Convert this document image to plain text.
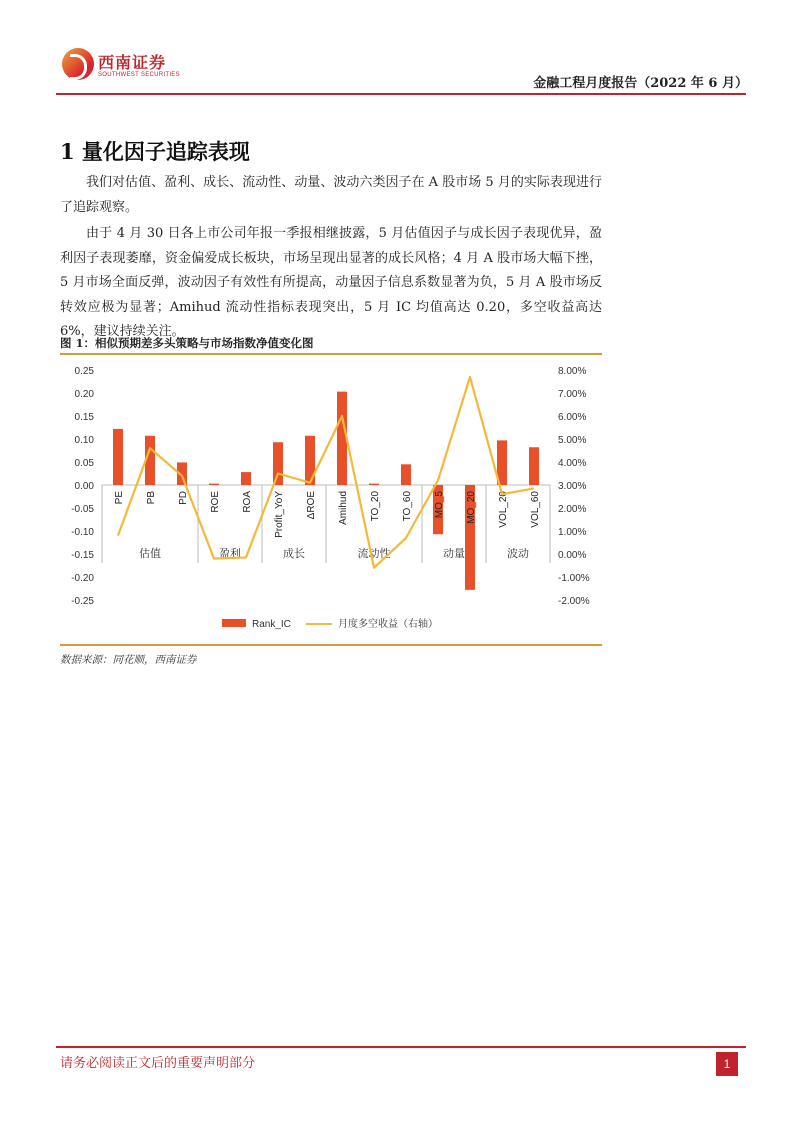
西南证券
SOUTHWEST SECURITIES
金融工程月度报告（2022 年 6 月）
1 量化因子追踪表现
我们对估值、盈利、成长、流动性、动量、波动六类因子在 A 股市场 5 月的实际表现进行了追踪观察。
由于 4 月 30 日各上市公司年报一季报相继披露，5 月估值因子与成长因子表现优异，盈利因子表现萎靡，资金偏爱成长板块，市场呈现出显著的成长风格；4 月 A 股市场大幅下挫，5 月市场全面反弹，波动因子有效性有所提高，动量因子信息系数显著为负，5 月 A 股市场反转效应极为显著；Amihud 流动性指标表现突出，5 月 IC 均值高达 0.20，多空收益高达 6%，建议持续关注。
图 1：相似预期差多头策略与市场指数净值变化图
0.25
0.20
0.15
0.10
0.05
0.00
-0.05
-0.10
-0.15
-0.20
-0.25
8.00%
7.00%
6.00%
5.00%
4.00%
3.00%
2.00%
1.00%
0.00%
-1.00%
-2.00%
PE PB PD ROE ROA Profit_YoY ΔROE Amihud TO_20 TO_60 MO_5 MO_20 VOL_20 VOL_60
估值	盈利	成长	流动性	动量	波动
Rank_IC	月度多空收益（右轴）
数据来源：同花顺，西南证券
请务必阅读正文后的重要声明部分	1
